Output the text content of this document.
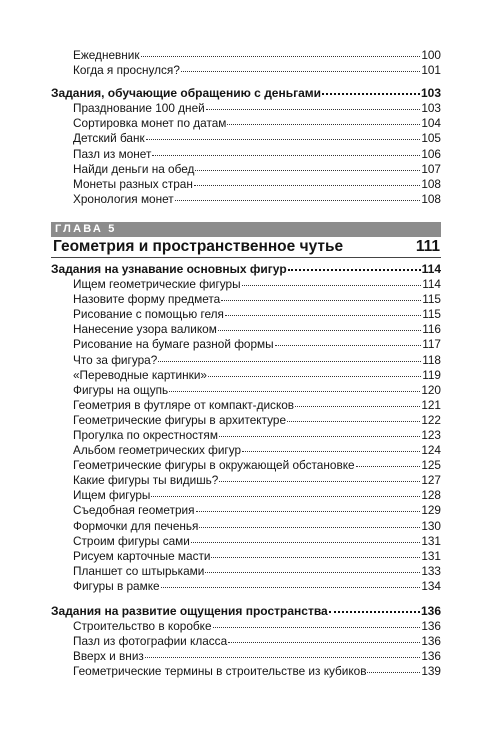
Ежедневник	100
Когда я проснулся?	101
Задания, обучающие обращению с деньгами	103
Празднование 100 дней	103
Сортировка монет по датам	104
Детский банк	105
Пазл из монет	106
Найди деньги на обед	107
Монеты разных стран	108
Хронология монет	108
ГЛАВА 5
Геометрия и пространственное чутье	111
Задания на узнавание основных фигур	114
Ищем геометрические фигуры	114
Назовите форму предмета	115
Рисование с помощью геля	115
Нанесение узора валиком	116
Рисование на бумаге разной формы	117
Что за фигура?	118
«Переводные картинки»	119
Фигуры на ощупь	120
Геометрия в футляре от компакт-дисков	121
Геометрические фигуры в архитектуре	122
Прогулка по окрестностям	123
Альбом геометрических фигур	124
Геометрические фигуры в окружающей обстановке	125
Какие фигуры ты видишь?	127
Ищем фигуры	128
Съедобная геометрия	129
Формочки для печенья	130
Строим фигуры сами	131
Рисуем карточные масти	131
Планшет со штырьками	133
Фигуры в рамке	134
Задания на развитие ощущения пространства	136
Строительство в коробке	136
Пазл из фотографии класса	136
Вверх и вниз	136
Геометрические термины в строительстве из кубиков	139
